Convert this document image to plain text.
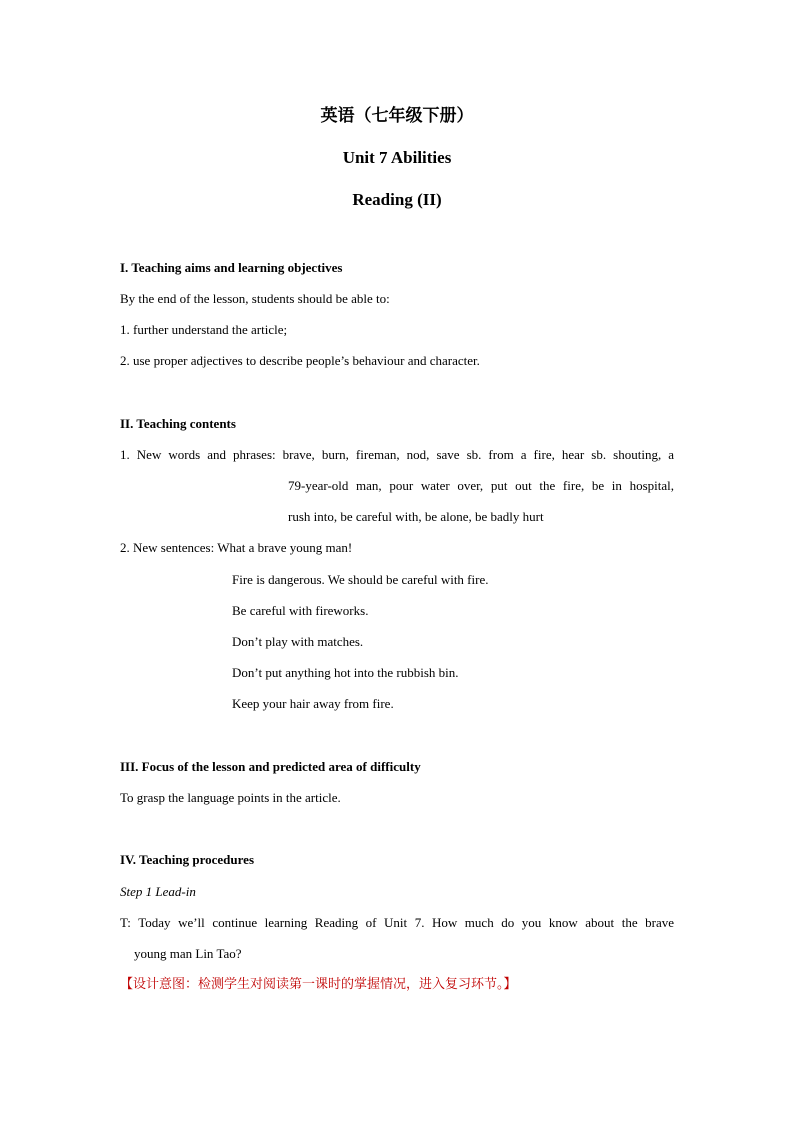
英语（七年级下册）
Unit 7 Abilities
Reading (II)
I. Teaching aims and learning objectives
By the end of the lesson, students should be able to:
1. further understand the article;
2. use proper adjectives to describe people’s behaviour and character.
II. Teaching contents
1. New words and phrases: brave, burn, fireman, nod, save sb. from a fire, hear sb. shouting, a
79-year-old man, pour water over, put out the fire, be in hospital,
rush into, be careful with, be alone, be badly hurt
2. New sentences: What a brave young man!
Fire is dangerous. We should be careful with fire.
Be careful with fireworks.
Don’t play with matches.
Don’t put anything hot into the rubbish bin.
Keep your hair away from fire.
III. Focus of the lesson and predicted area of difficulty
To grasp the language points in the article.
IV. Teaching procedures
Step 1 Lead-in
T: Today we’ll continue learning Reading of Unit 7. How much do you know about the brave
young man Lin Tao?
【设计意图：检测学生对阅读第一课时的掌握情况，进入复习环节。】
